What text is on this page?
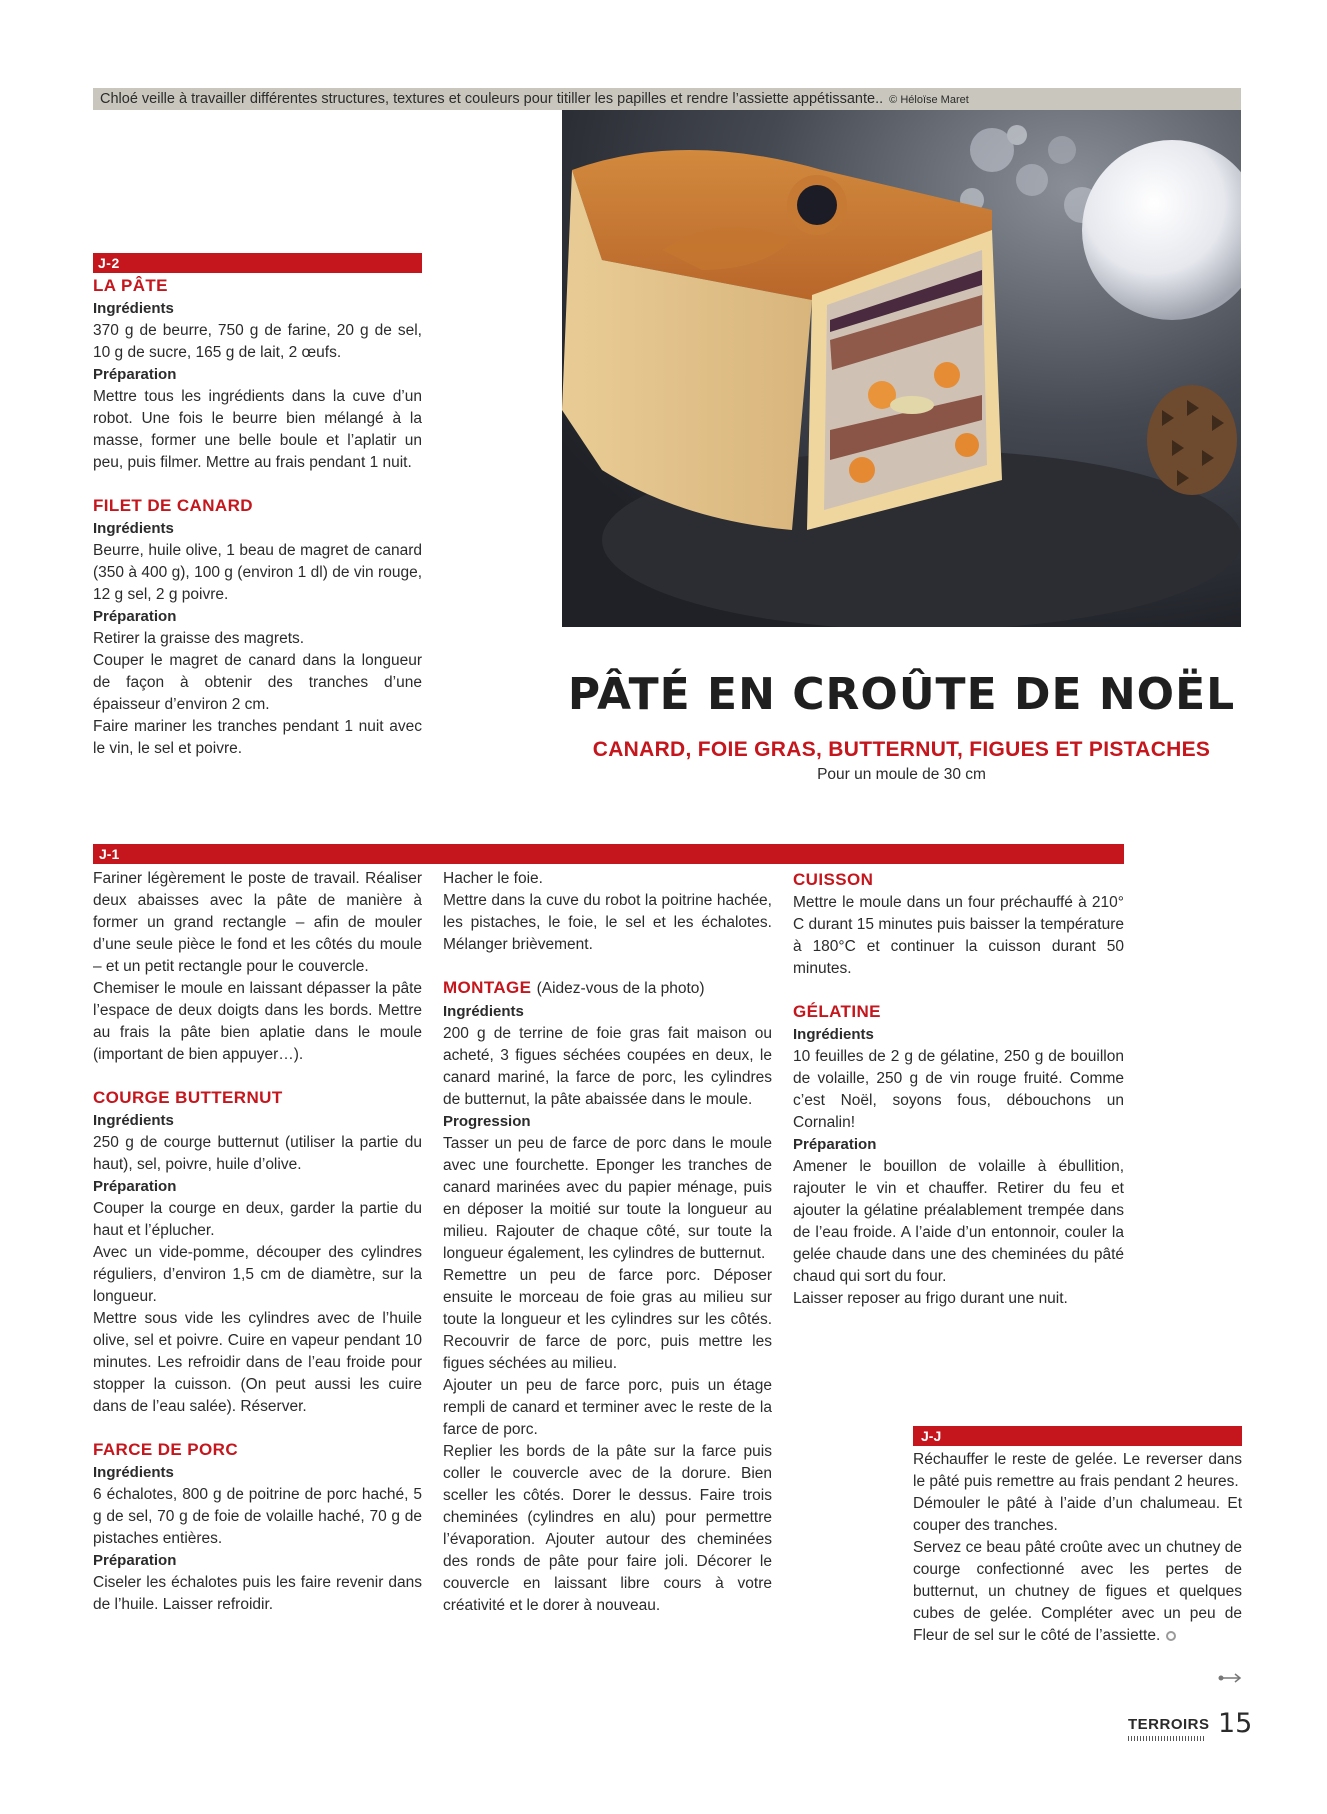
Chloé veille à travailler différentes structures, textures et couleurs pour titiller les papilles et rendre l’assiette appétissante.. © Héloïse Maret
J-2
LA PÂTE
Ingrédients

370 g de beurre, 750 g de farine, 20 g de sel, 10 g de sucre, 165 g de lait, 2 œufs.

Préparation

Mettre tous les ingrédients dans la cuve d’un robot. Une fois le beurre bien mélangé à la masse, former une belle boule et l’aplatir un peu, puis filmer. Mettre au frais pendant 1 nuit.

FILET DE CANARD
Ingrédients

Beurre, huile olive, 1 beau de magret de canard (350 à 400 g), 100 g (environ 1 dl) de vin rouge, 12 g sel, 2 g poivre.

Préparation

Retirer la graisse des magrets.

Couper le magret de canard dans la longueur de façon à obtenir des tranches d’une épaisseur d’environ 2 cm.

Faire mariner les tranches pendant 1 nuit avec le vin, le sel et poivre.

PÂTÉ EN CROÛTE DE NOËL
CANARD, FOIE GRAS, BUTTERNUT, FIGUES ET PISTACHES
Pour un moule de 30 cm
J-1

Fariner légèrement le poste de travail. Réaliser deux abaisses avec la pâte de manière à former un grand rectangle – afin de mouler d’une seule pièce le fond et les côtés du moule – et un petit rectangle pour le couvercle.

Chemiser le moule en laissant dépasser la pâte l’espace de deux doigts dans les bords. Mettre au frais la pâte bien aplatie dans le moule (important de bien appuyer…).

COURGE BUTTERNUT
Ingrédients

250 g de courge butternut (utiliser la partie du haut), sel, poivre, huile d’olive.

Préparation

Couper la courge en deux, garder la partie du haut et l’éplucher.

Avec un vide-pomme, découper des cylindres réguliers, d’environ 1,5 cm de diamètre, sur la longueur.

Mettre sous vide les cylindres avec de l’huile olive, sel et poivre. Cuire en vapeur pendant 10 minutes. Les refroidir dans de l’eau froide pour stopper la cuisson. (On peut aussi les cuire dans de l’eau salée). Réserver.

FARCE DE PORC
Ingrédients

6 échalotes, 800 g de poitrine de porc haché, 5 g de sel, 70 g de foie de volaille haché, 70 g de pistaches entières.

Préparation

Ciseler les échalotes puis les faire revenir dans de l’huile. Laisser refroidir.

Hacher le foie.

Mettre dans la cuve du robot la poitrine hachée, les pistaches, le foie, le sel et les échalotes. Mélanger brièvement.

MONTAGE (Aidez-vous de la photo)
Ingrédients

200 g de terrine de foie gras fait maison ou acheté, 3 figues séchées coupées en deux, le canard mariné, la farce de porc, les cylindres de butternut, la pâte abaissée dans le moule.

Progression

Tasser un peu de farce de porc dans le moule avec une fourchette. Eponger les tranches de canard marinées avec du papier ménage, puis en déposer la moitié sur toute la longueur au milieu. Rajouter de chaque côté, sur toute la longueur également, les cylindres de butternut.

Remettre un peu de farce porc. Déposer ensuite le morceau de foie gras au milieu sur toute la longueur et les cylindres sur les côtés. Recouvrir de farce de porc, puis mettre les figues séchées au milieu.

Ajouter un peu de farce porc, puis un étage rempli de canard et terminer avec le reste de la farce de porc.

Replier les bords de la pâte sur la farce puis coller le couvercle avec de la dorure. Bien sceller les côtés. Dorer le dessus. Faire trois cheminées (cylindres en alu) pour permettre l’évaporation. Ajouter autour des cheminées des ronds de pâte pour faire joli. Décorer le couvercle en laissant libre cours à votre créativité et le dorer à nouveau.

CUISSON

Mettre le moule dans un four préchauffé à 210° C durant 15 minutes puis baisser la température à 180°C et continuer la cuisson durant 50 minutes.

GÉLATINE
Ingrédients

10 feuilles de 2 g de gélatine, 250 g de bouillon de volaille, 250 g de vin rouge fruité. Comme c’est Noël, soyons fous, débouchons un Cornalin!

Préparation

Amener le bouillon de volaille à ébullition, rajouter le vin et chauffer. Retirer du feu et ajouter la gélatine préalablement trempée dans de l’eau froide. A l’aide d’un entonnoir, couler la gelée chaude dans une des cheminées du pâté chaud qui sort du four.

Laisser reposer au frigo durant une nuit.

J-J

Réchauffer le reste de gelée. Le reverser dans le pâté puis remettre au frais pendant 2 heures.

Démouler le pâté à l’aide d’un chalumeau. Et couper des tranches.

Servez ce beau pâté croûte avec un chutney de courge confectionné avec les pertes de butternut, un chutney de figues et quelques cubes de gelée. Compléter avec un peu de Fleur de sel sur le côté de l’assiette.

TERROIRS 15
